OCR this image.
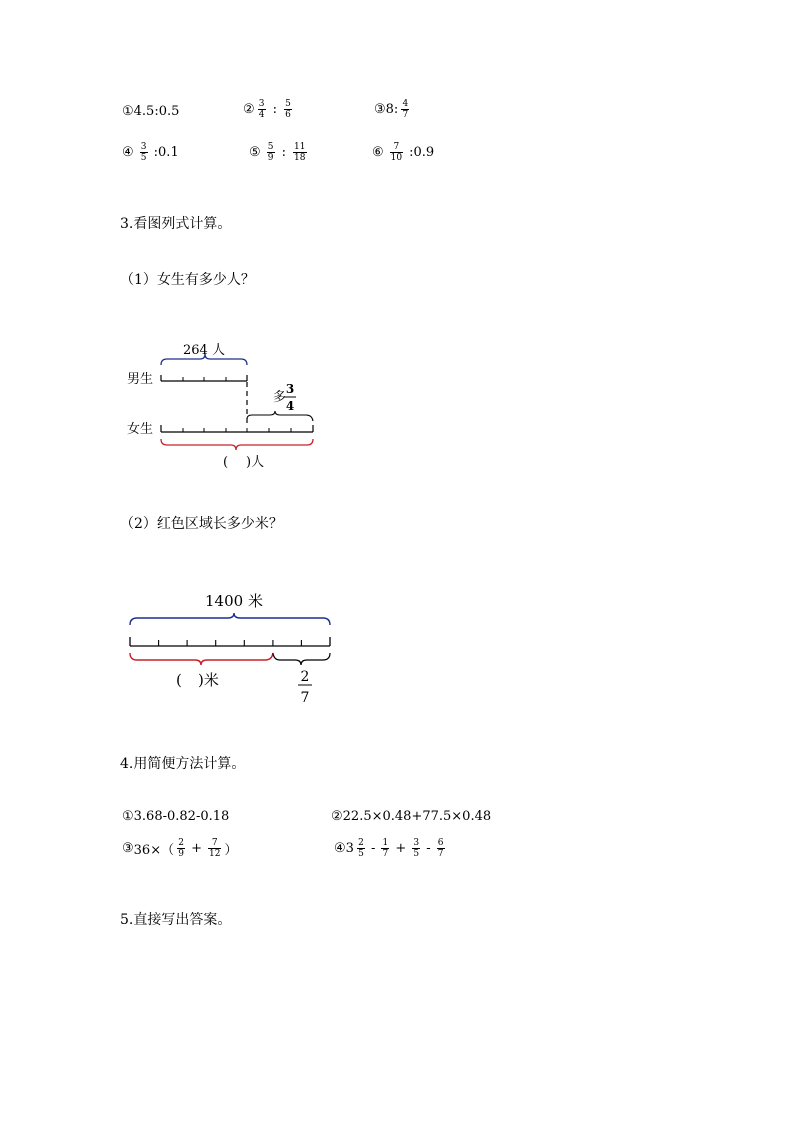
① 4.5:0.5	② $\frac{3}{4}$ : $\frac{5}{6}$	③ 8: $\frac{4}{7}$
④ $\frac{3}{5}$ :0.1	⑤ $\frac{5}{9}$ : $\frac{11}{18}$	⑥ $\frac{7}{10}$ :0.9
3.看图列式计算。
（1）女生有多少人？
264 人
男生
多
3
4
女生
( )人
（2）红色区域长多少米？
1400 米
( )米	2
7
4.用简便方法计算。
① 3.68-0.82-0.18	② 22.5×0.48+77.5×0.48
③ $36\times( \frac{2}{9} + \frac{7}{12}$ ）	④ $3 \frac{2}{5} - \frac{1}{7} + \frac{3}{5} - \frac{6}{7}$
5.直接写出答案。
